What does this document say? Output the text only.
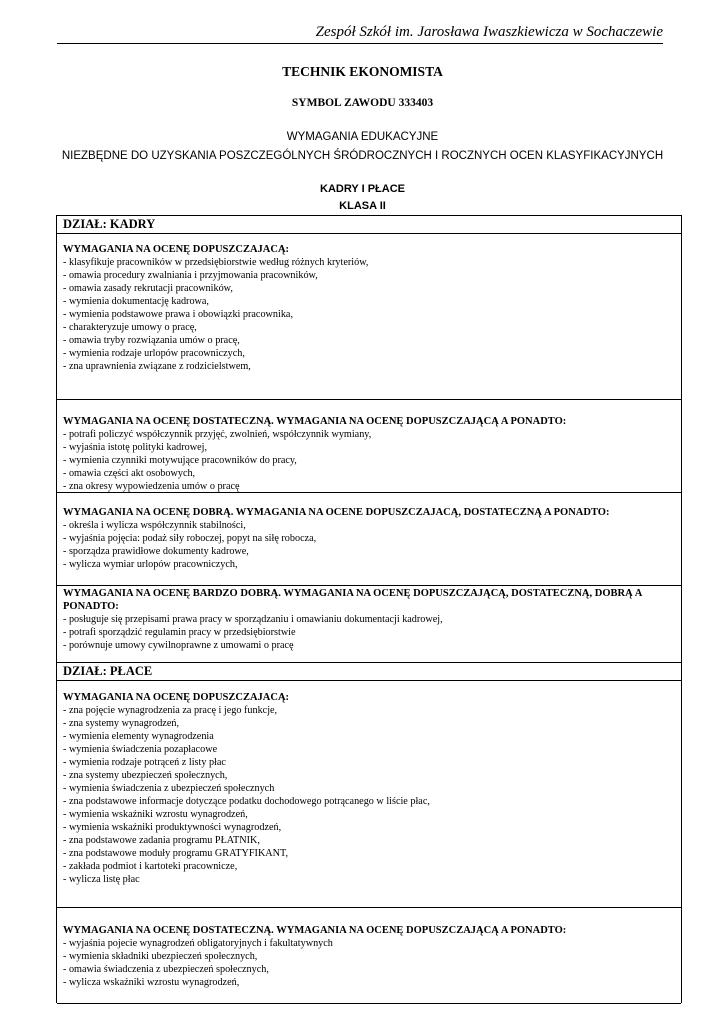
Zespół Szkół im. Jarosława Iwaszkiewicza w Sochaczewie
TECHNIK EKONOMISTA
SYMBOL ZAWODU 333403
WYMAGANIA EDUKACYJNE
NIEZBĘDNE DO UZYSKANIA POSZCZEGÓLNYCH ŚRÓDROCZNYCH I ROCZNYCH OCEN KLASYFIKACYJNYCH
KADRY I PŁACE
KLASA II
DZIAŁ: KADRY
WYMAGANIA NA OCENĘ DOPUSZCZAJACĄ:
- klasyfikuje pracowników w przedsiębiorstwie według różnych kryteriów,
- omawia procedury zwalniania i przyjmowania pracowników,
- omawia zasady rekrutacji pracowników,
- wymienia dokumentację kadrowa,
- wymienia podstawowe prawa i obowiązki pracownika,
- charakteryzuje umowy o pracę,
- omawia tryby rozwiązania umów o pracę,
- wymienia rodzaje urlopów pracowniczych,
- zna uprawnienia związane z rodzicielstwem,
WYMAGANIA NA OCENĘ DOSTATECZNĄ. WYMAGANIA NA OCENĘ DOPUSZCZAJĄCĄ A PONADTO:
- potrafi policzyć współczynnik przyjęć, zwolnień, współczynnik wymiany,
- wyjaśnia istotę polityki kadrowej,
- wymienia czynniki motywujące pracowników do pracy,
- omawia części akt osobowych,
- zna okresy wypowiedzenia umów o pracę
WYMAGANIA NA OCENĘ DOBRĄ. WYMAGANIA NA OCENE DOPUSZCZAJACĄ, DOSTATECZNĄ A PONADTO:
- określa i wylicza współczynnik stabilności,
- wyjaśnia pojęcia: podaż siły roboczej, popyt na siłę robocza,
- sporządza prawidłowe dokumenty kadrowe,
- wylicza wymiar urlopów pracowniczych,
WYMAGANIA NA OCENĘ BARDZO DOBRĄ. WYMAGANIA NA OCENĘ DOPUSZCZAJĄCĄ, DOSTATECZNĄ, DOBRĄ A
PONADTO:
- posługuje się przepisami prawa pracy w sporządzaniu i omawianiu dokumentacji kadrowej,
- potrafi sporządzić regulamin pracy w przedsiębiorstwie
- porównuje umowy cywilnoprawne z umowami o pracę
DZIAŁ: PŁACE
WYMAGANIA NA OCENĘ DOPUSZCZAJACĄ:
- zna pojęcie wynagrodzenia za pracę i jego funkcje,
- zna systemy wynagrodzeń,
- wymienia elementy wynagrodzenia
- wymienia świadczenia pozapłacowe
- wymienia rodzaje potrąceń z listy płac
- zna systemy ubezpieczeń społecznych,
- wymienia świadczenia z ubezpieczeń społecznych
- zna podstawowe informacje dotyczące podatku dochodowego potrącanego w liście płac,
- wymienia wskaźniki wzrostu wynagrodzeń,
- wymienia wskaźniki produktywności wynagrodzeń,
- zna podstawowe zadania programu PŁATNIK,
- zna podstawowe moduły programu GRATYFIKANT,
- zakłada podmiot i kartoteki pracownicze,
- wylicza listę płac
WYMAGANIA NA OCENĘ DOSTATECZNĄ. WYMAGANIA NA OCENĘ DOPUSZCZAJĄCĄ A PONADTO:
- wyjaśnia pojecie wynagrodzeń obligatoryjnych i fakultatywnych
- wymienia składniki ubezpieczeń społecznych,
- omawia świadczenia z ubezpieczeń społecznych,
- wylicza wskaźniki wzrostu wynagrodzeń,
